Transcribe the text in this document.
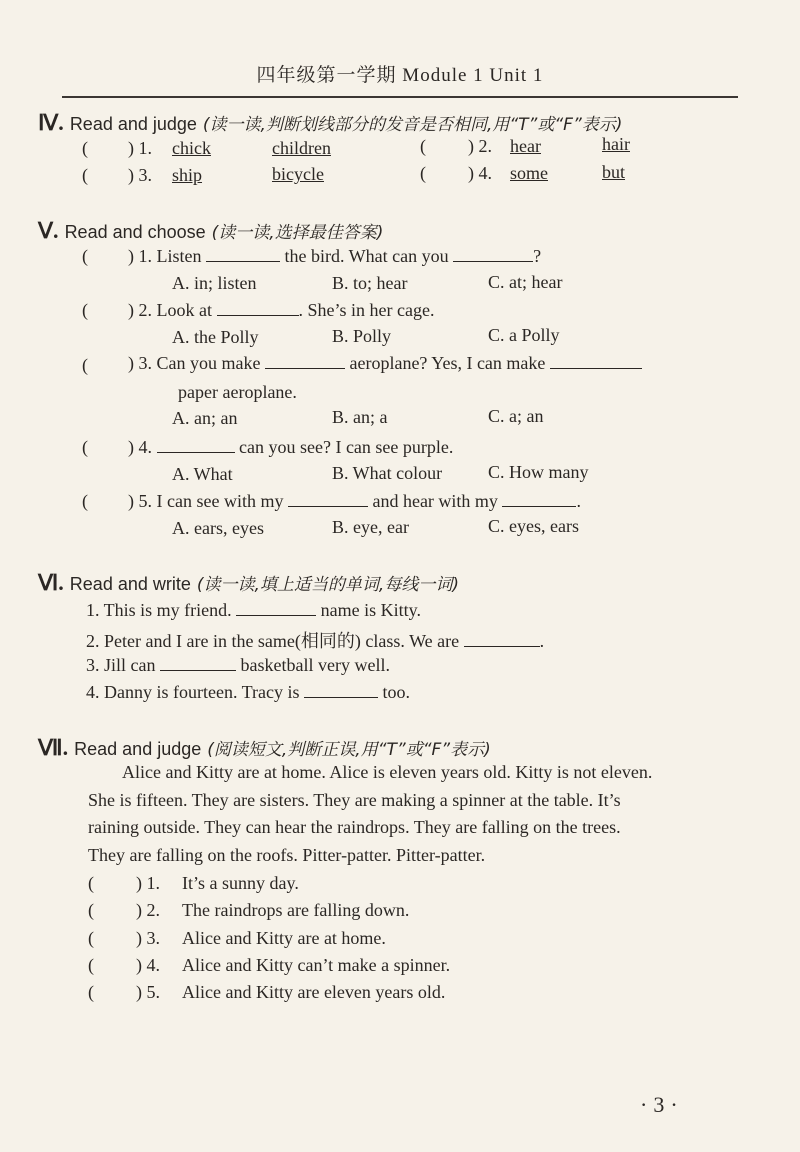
四年级第一学期 Module 1 Unit 1
Ⅳ. Read and judge (读一读,判断划线部分的发音是否相同,用“T”或“F”表示)
( ) 1. chick	children	( ) 2. hear	hair
( ) 3. ship	bicycle	( ) 4. some	but
Ⅴ. Read and choose (读一读,选择最佳答案)
( ) 1. Listen	the bird. What can you	?
A. in; listen	B. to; hear	C. at; hear
( ) 2. Look at	. She’s in her cage.
A. the Polly	B. Polly	C. a Polly
( ) 3. Can you make	aeroplane? Yes, I can make
paper aeroplane.
A. an; an	B. an; a	C. a; an
( ) 4.	can you see? I can see purple.
A. What	B. What colour	C. How many
( ) 5. I can see with my	and hear with my	.
A. ears, eyes	B. eye, ear	C. eyes, ears
Ⅵ. Read and write (读一读,填上适当的单词,每线一词)
1. This is my friend.	name is Kitty.
2. Peter and I are in the same(相同的) class. We are	.
3. Jill can	basketball very well.
4. Danny is fourteen. Tracy is	too.
Ⅶ. Read and judge (阅读短文,判断正误,用“T”或“F”表示)
Alice and Kitty are at home. Alice is eleven years old. Kitty is not eleven.
She is fifteen. They are sisters. They are making a spinner at the table. It’s
raining outside. They can hear the raindrops. They are falling on the trees.
They are falling on the roofs. Pitter-patter. Pitter-patter.
( ) 1. It’s a sunny day.
( ) 2. The raindrops are falling down.
( ) 3. Alice and Kitty are at home.
( ) 4. Alice and Kitty can’t make a spinner.
( ) 5. Alice and Kitty are eleven years old.
·3·
